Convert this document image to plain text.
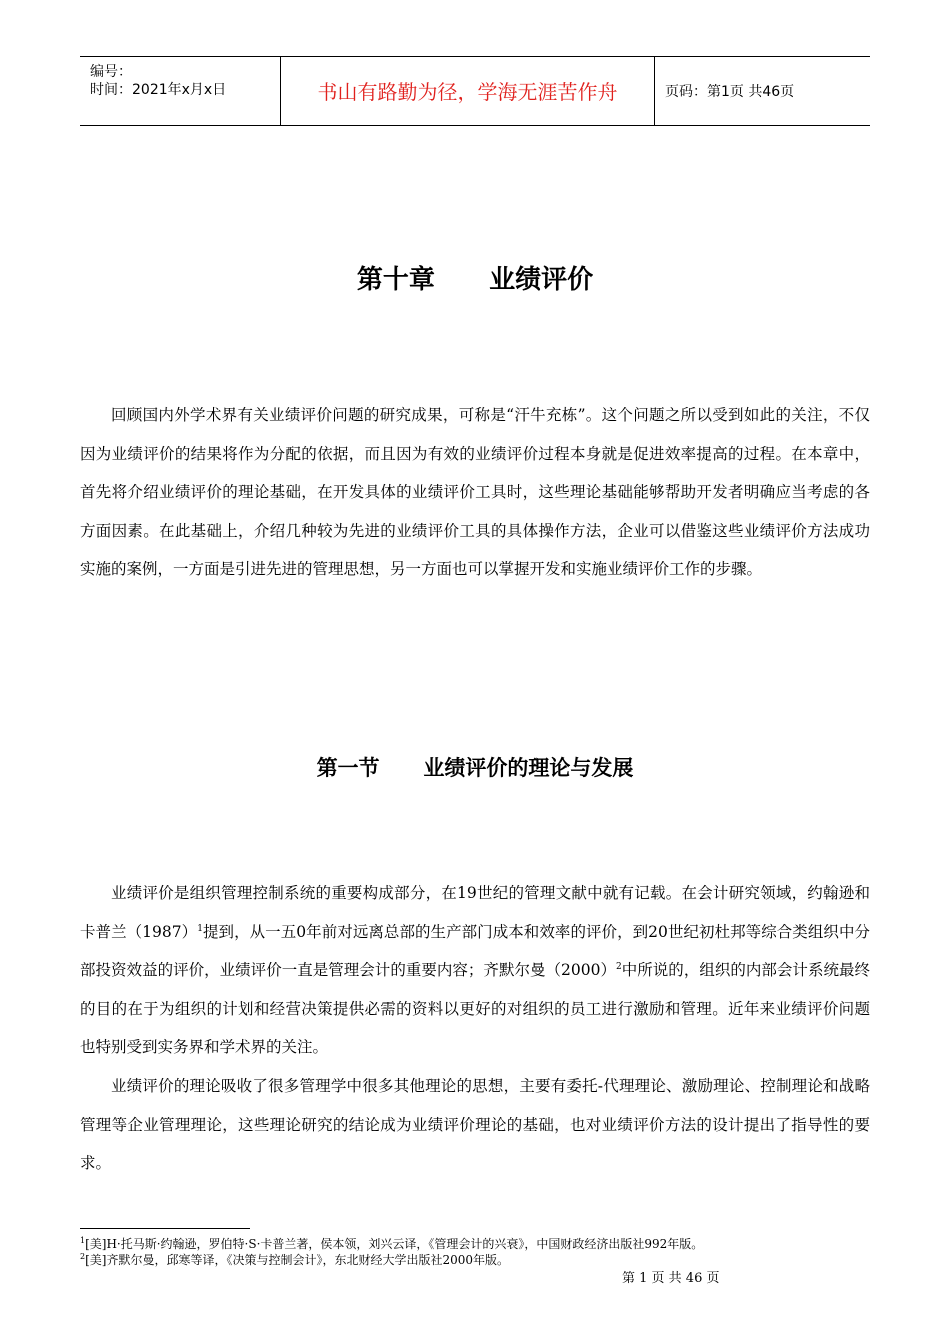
编号：
时间：2021年x月x日	书山有路勤为径，学海无涯苦作舟	页码：第1页 共46页
第十章      业绩评价

回顾国内外学术界有关业绩评价问题的研究成果，可称是“汗牛充栋”。这个问题之所以受到如此的关注，不仅因为业绩评价的结果将作为分配的依据，而且因为有效的业绩评价过程本身就是促进效率提高的过程。在本章中，首先将介绍业绩评价的理论基础，在开发具体的业绩评价工具时，这些理论基础能够帮助开发者明确应当考虑的各方面因素。在此基础上，介绍几种较为先进的业绩评价工具的具体操作方法，企业可以借鉴这些业绩评价方法成功实施的案例，一方面是引进先进的管理思想，另一方面也可以掌握开发和实施业绩评价工作的步骤。

第一节      业绩评价的理论与发展

业绩评价是组织管理控制系统的重要构成部分，在19世纪的管理文献中就有记载。在会计研究领域，约翰逊和卡普兰$(1987)^1$提到，从一五0年前对远离总部的生产部门成本和效率的评价，到20世纪初杜邦等综合类组织中分部投资效益的评价，业绩评价一直是管理会计的重要内容；齐默尔曼$(2000)^2$中所说的，组织的内部会计系统最终的目的在于为组织的计划和经营决策提供必需的资料以更好的对组织的员工进行激励和管理。近年来业绩评价问题也特别受到实务界和学术界的关注。

业绩评价的理论吸收了很多管理学中很多其他理论的思想，主要有委托-代理理论、激励理论、控制理论和战略管理等企业管理理论，这些理论研究的结论成为业绩评价理论的基础，也对业绩评价方法的设计提出了指导性的要求。

$^1$[美]H·托马斯·约翰逊，罗伯特·S·卡普兰著，侯本领，刘兴云译，《管理会计的兴衰》，中国财政经济出版社992年版。
$^2$[美]齐默尔曼，邱寒等译，《决策与控制会计》，东北财经大学出版社2000年版。
第 1 页 共 46 页
